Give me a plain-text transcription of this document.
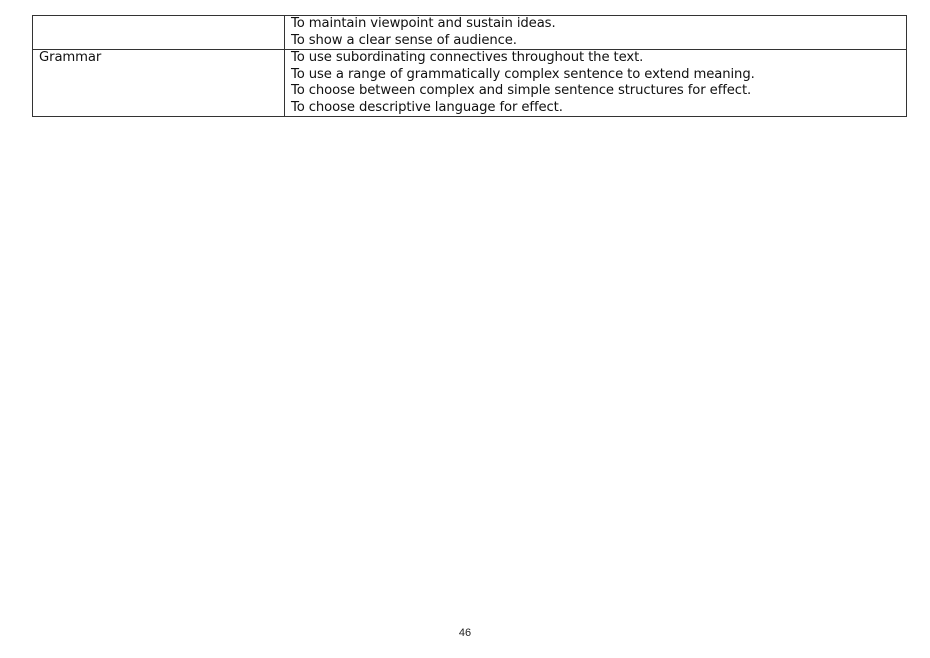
	To maintain viewpoint and sustain ideas.
To show a clear sense of audience.

Grammar	To use subordinating connectives throughout the text.
To use a range of grammatically complex sentence to extend meaning.
To choose between complex and simple sentence structures for effect.
To choose descriptive language for effect.
46
